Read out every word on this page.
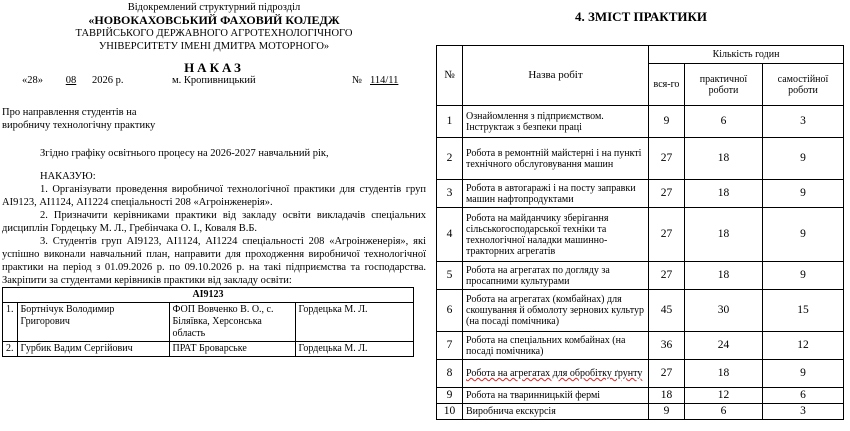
Відокремлений структурний підрозділ
«НОВОКАХОВСЬКИЙ ФАХОВИЙ КОЛЕДЖ
ТАВРІЙСЬКОГО ДЕРЖАВНОГО АГРОТЕХНОЛОГІЧНОГО
УНІВЕРСИТЕТУ ІМЕНІ ДМИТРА МОТОРНОГО»
НАКАЗ
«28»	08	2026 р.	м. Кропивницький	№ 114/11
Про направлення студентів на
виробничу технологічну практику
Згідно графіку освітнього процесу на 2026-2027 навчальний рік,
НАКАЗУЮ:

1. Організувати проведення виробничої технологічної практики для студентів груп АІ9123, АІ1124, АІ1224 спеціальності 208 «Агроінженерія».

2. Призначити керівниками практики від закладу освіти викладачів спеціальних дисциплін Гордецьку М. Л., Гребінчака О. І., Коваля В.Б.

3. Студентів груп АІ9123, АІ1124, АІ1224 спеціальності 208 «Агроінженерія», які успішно виконали навчальний план, направити для проходження виробничої технологічної практики на період з 01.09.2026 р. по 09.10.2026 р. на такі підприємства та господарства. Закріпити за студентами керівників практики від закладу освіти:

АІ9123			
1.	Бортнічук Володимир Григорович	ФОП Вовченко В. О., с. Біляївка, Херсонська область	Гордецька М. Л.
2.	Гурбик Вадим Сергійович	ПРАТ Броварське	Гордецька М. Л.
4. ЗМІСТ ПРАКТИКИ
№	Назва робіт	Кількість годин		
		вся-го	практичної роботи	самостійної роботи
1	Ознайомлення з підприємством. Інструктаж з безпеки праці	9	6	3
2	Робота в ремонтній майстерні і на пункті технічного обслуговування машин	27	18	9
3	Робота в автогаражі і на посту заправки машин нафтопродуктами	27	18	9
4	Робота на майданчику зберігання сільськогосподарської техніки та технологічної наладки машинно-тракторних агрегатів	27	18	9
5	Робота на агрегатах по догляду за просапними культурами	27	18	9
6	Робота на агрегатах (комбайнах) для скошування й обмолоту зернових культур (на посаді помічника)	45	30	15
7	Робота на спеціальних комбайнах (на посаді помічника)	36	24	12
8	Робота на агрегатах для обробітку ґрунту	27	18	9
9	Робота на тваринницькій фермі	18	12	6
10	Виробнича екскурсія	9	6	3
